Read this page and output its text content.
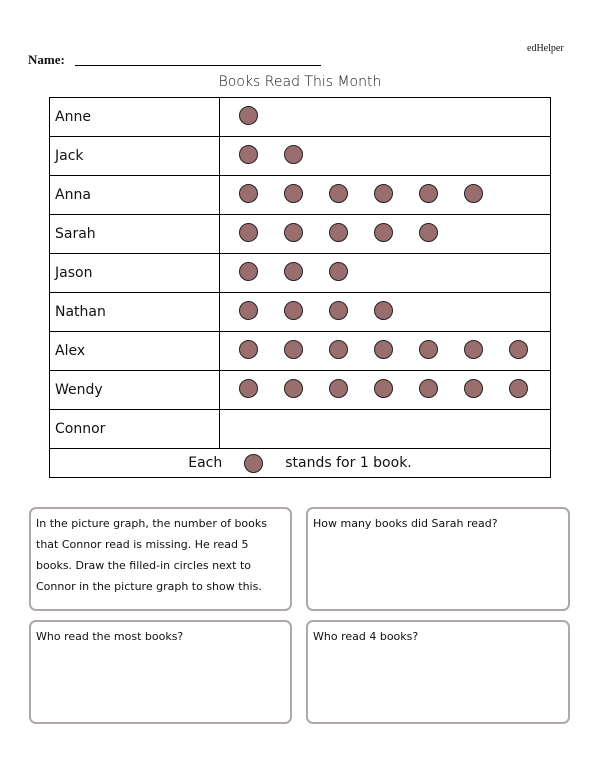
edHelper
Name:
Books Read This Month
Anne
Jack
Anna
Sarah
Jason
Nathan
Alex
Wendy
Connor
Each	stands for 1 book.
In the picture graph, the number of books that Connor read is missing. He read 5 books. Draw the filled-in circles next to Connor in the picture graph to show this.
How many books did Sarah read?
Who read the most books?	Who read 4 books?
